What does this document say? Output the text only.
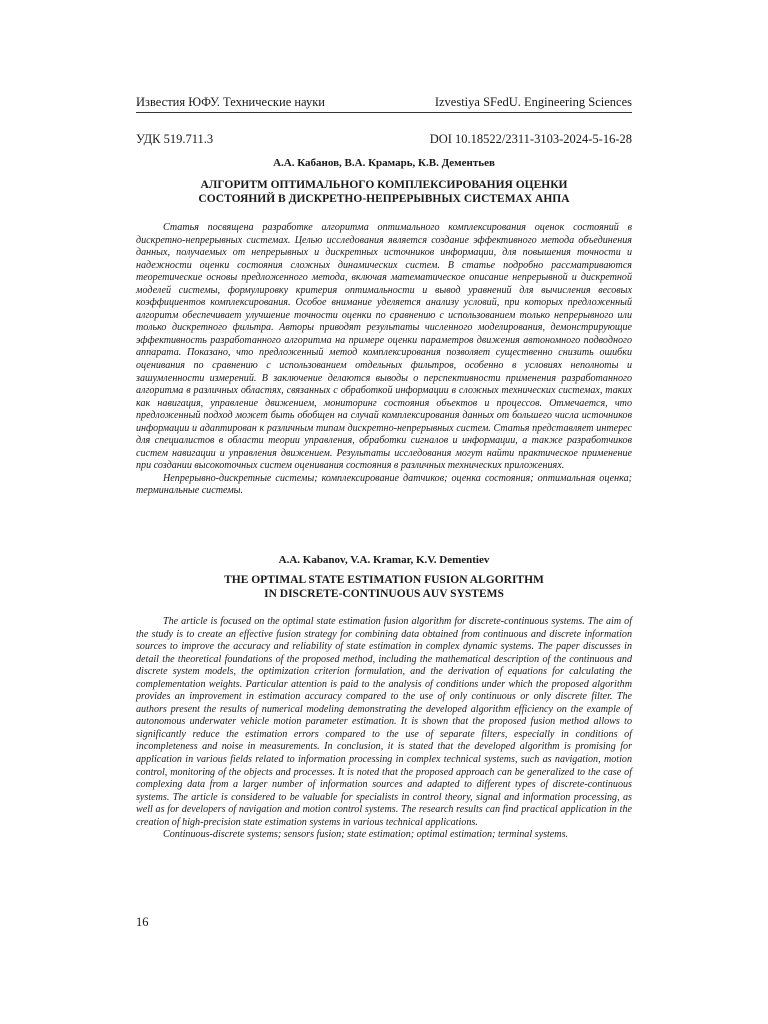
Известия ЮФУ. Технические науки	Izvestiya SFedU. Engineering Sciences
УДК 519.711.3	DOI 10.18522/2311-3103-2024-5-16-28
А.А. Кабанов, В.А. Крамарь, К.В. Дементьев
АЛГОРИТМ ОПТИМАЛЬНОГО КОМПЛЕКСИРОВАНИЯ ОЦЕНКИ
СОСТОЯНИЙ В ДИСКРЕТНО-НЕПРЕРЫВНЫХ СИСТЕМАХ АНПА

Статья посвящена разработке алгоритма оптимального комплексирования оценок состояний в дискретно-непрерывных системах. Целью исследования является создание эффективного метода объединения данных, получаемых от непрерывных и дискретных источников информации, для повышения точности и надежности оценки состояния сложных динамических систем. В статье подробно рассматриваются теоретические основы предложенного метода, включая математическое описание непрерывной и дискретной моделей системы, формулировку критерия оптимальности и вывод уравнений для вычисления весовых коэффициентов комплексирования. Особое внимание уделяется анализу условий, при которых предложенный алгоритм обеспечивает улучшение точности оценки по сравнению с использованием только непрерывного или только дискретного фильтра. Авторы приводят результаты численного моделирования, демонстрирующие эффективность разработанного алгоритма на примере оценки параметров движения автономного подводного аппарата. Показано, что предложенный метод комплексирования позволяет существенно снизить ошибки оценивания по сравнению с использованием отдельных фильтров, особенно в условиях неполноты и зашумленности измерений. В заключение делаются выводы о перспективности применения разработанного алгоритма в различных областях, связанных с обработкой информации в сложных технических системах, таких как навигация, управление движением, мониторинг состояния объектов и процессов. Отмечается, что предложенный подход может быть обобщен на случай комплексирования данных от большего числа источников информации и адаптирован к различным типам дискретно-непрерывных систем. Статья представляет интерес для специалистов в области теории управления, обработки сигналов и информации, а также разработчиков систем навигации и управления движением. Результаты исследования могут найти практическое применение при создании высокоточных систем оценивания состояния в различных технических приложениях.

Непрерывно-дискретные системы; комплексирование датчиков; оценка состояния; оптимальная оценка; терминальные системы.

A.A. Kabanov, V.A. Kramar, K.V. Dementiev
THE OPTIMAL STATE ESTIMATION FUSION ALGORITHM
IN DISCRETE-CONTINUOUS AUV SYSTEMS

The article is focused on the optimal state estimation fusion algorithm for discrete-continuous systems. The aim of the study is to create an effective fusion strategy for combining data obtained from continuous and discrete information sources to improve the accuracy and reliability of state estimation in complex dynamic systems. The paper discusses in detail the theoretical foundations of the proposed method, including the mathematical description of the continuous and discrete system models, the optimization criterion formulation, and the derivation of equations for calculating the complementation weights. Particular attention is paid to the analysis of conditions under which the proposed algorithm provides an improvement in estimation accuracy compared to the use of only continuous or only discrete filter. The authors present the results of numerical modeling demonstrating the developed algorithm efficiency on the example of autonomous underwater vehicle motion parameter estimation. It is shown that the proposed fusion method allows to significantly reduce the estimation errors compared to the use of separate filters, especially in conditions of incompleteness and noise in measurements. In conclusion, it is stated that the developed algorithm is promising for application in various fields related to information processing in complex technical systems, such as navigation, motion control, monitoring of the objects and processes. It is noted that the proposed approach can be generalized to the case of complexing data from a larger number of information sources and adapted to different types of discrete-continuous systems. The article is considered to be valuable for specialists in control theory, signal and information processing, as well as for developers of navigation and motion control systems. The research results can find practical application in the creation of high-precision state estimation systems in various technical applications.

Continuous-discrete systems; sensors fusion; state estimation; optimal estimation; terminal systems.

16
